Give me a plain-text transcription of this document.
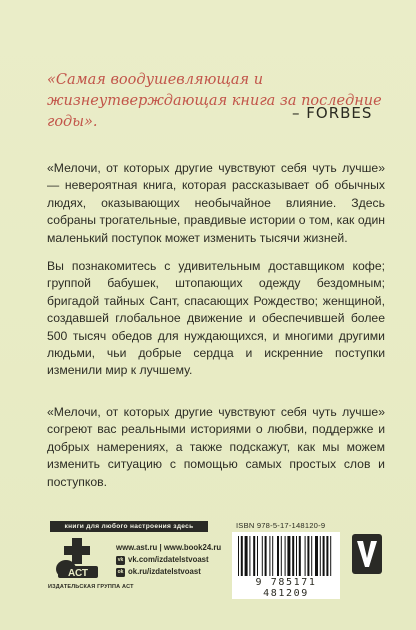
«Самая воодушевляющая и жизнеутверждающая книга за последние годы».	– FORBES

«Мелочи, от которых другие чувствуют себя чуть лучше» — невероятная книга, которая рассказывает об обычных людях, оказывающих необычайное влияние. Здесь собраны трогательные, правдивые истории о том, как один маленький поступок может изменить тысячи жизней.

Вы познакомитесь с удивительным доставщиком кофе; группой бабушек, штопающих одежду бездомным; бригадой тайных Сант, спасающих Рождество; женщиной, создавшей глобальное движение и обеспечившей более 500 тысяч обедов для нуждающихся, и многими другими людьми, чьи добрые сердца и искренние поступки изменили мир к лучшему.

«Мелочи, от которых другие чувствуют себя чуть лучше» согреют вас реальными историями о любви, поддержке и добрых намерениях, а также подскажут, как мы можем изменить ситуацию с помощью самых простых слов и поступков.

книги для любого настроения здесь
АСТ
ИЗДАТЕЛЬСКАЯ ГРУППА АСТ
www.ast.ru | www.book24.ru
vk vk.com/izdatelstvoast
ok ok.ru/izdatelstvoast
ISBN 978-5-17-148120-9
9 785171 481209
